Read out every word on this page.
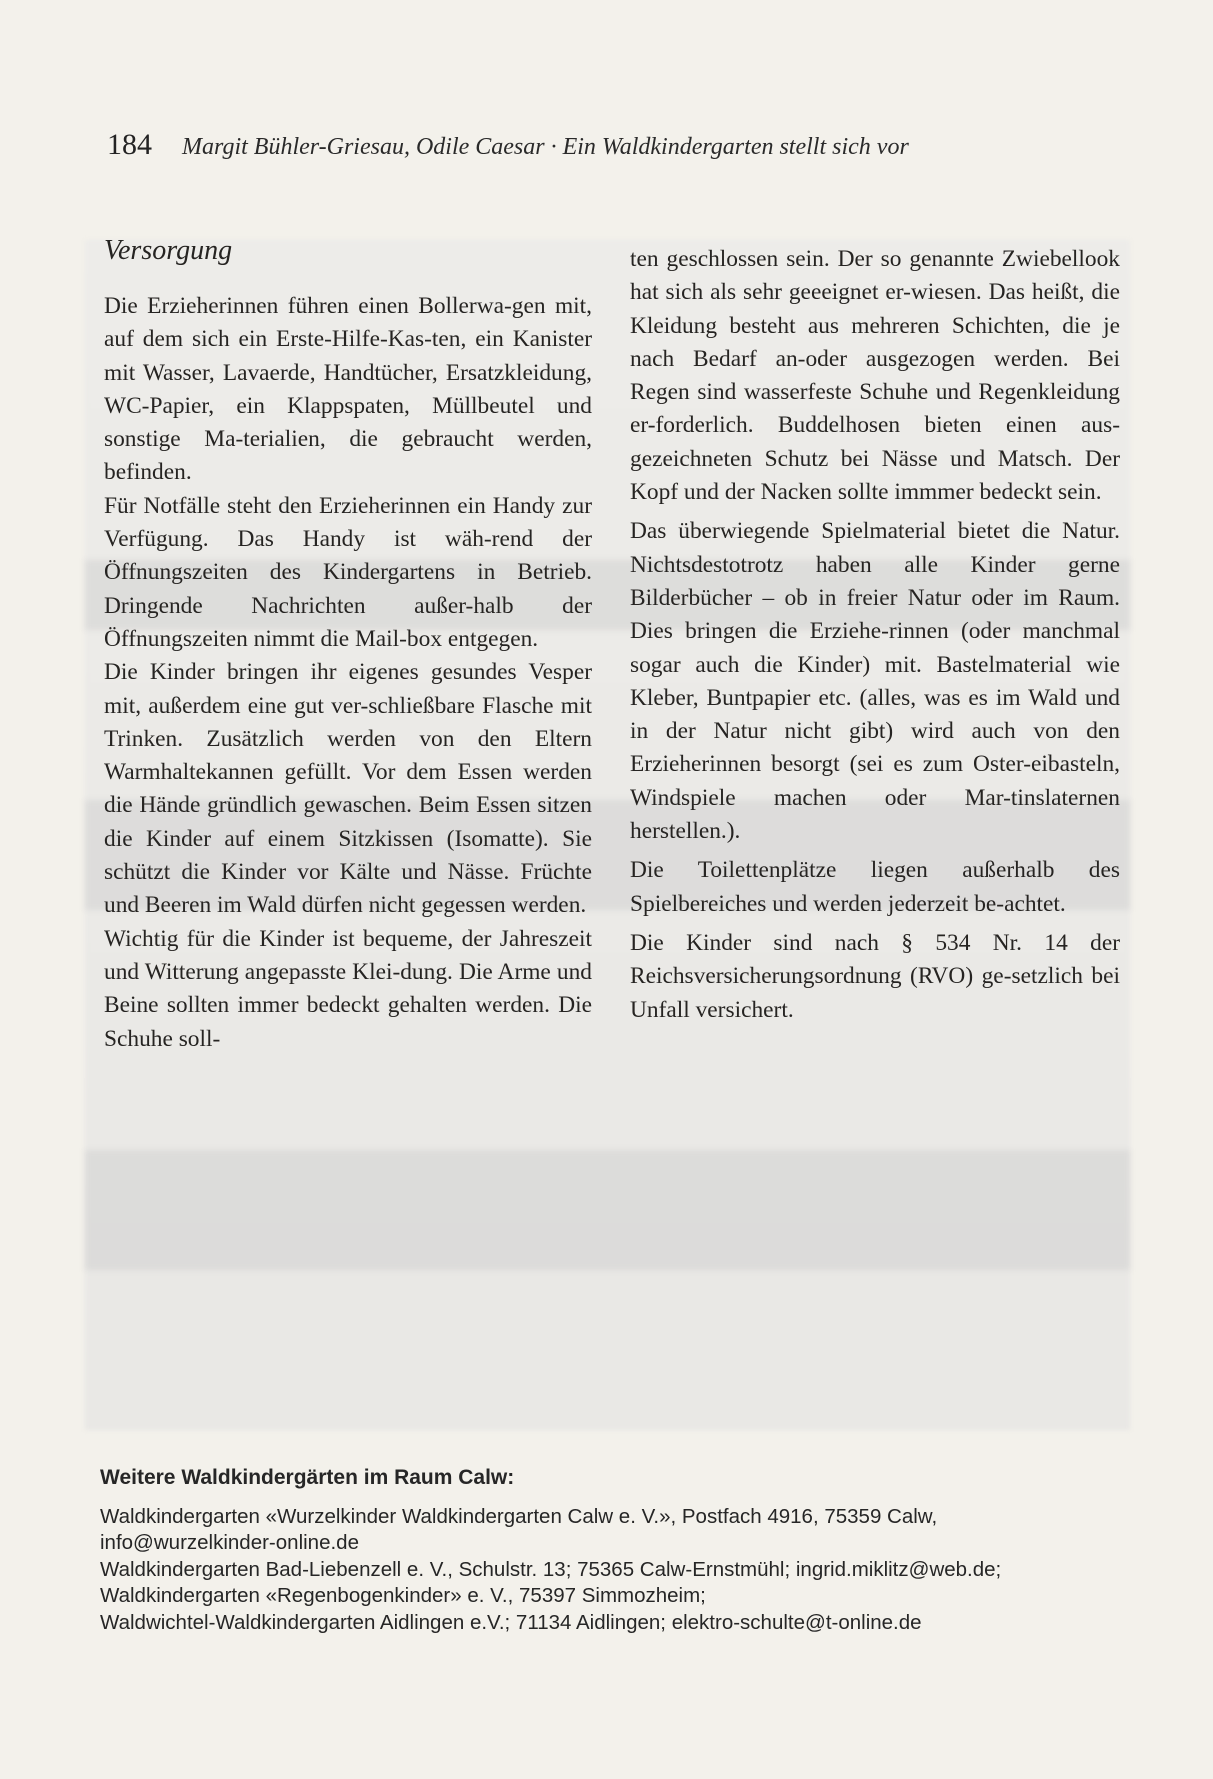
184 Margit Bühler-Griesau, Odile Caesar · Ein Waldkindergarten stellt sich vor
Versorgung

Die Erzieherinnen führen einen Bollerwa-gen mit, auf dem sich ein Erste-Hilfe-Kas-ten, ein Kanister mit Wasser, Lavaerde, Handtücher, Ersatzkleidung, WC-Papier, ein Klappspaten, Müllbeutel und sonstige Ma-terialien, die gebraucht werden, befinden.

Für Notfälle steht den Erzieherinnen ein Handy zur Verfügung. Das Handy ist wäh-rend der Öffnungszeiten des Kindergartens in Betrieb. Dringende Nachrichten außer-halb der Öffnungszeiten nimmt die Mail-box entgegen.

Die Kinder bringen ihr eigenes gesundes Vesper mit, außerdem eine gut ver-schließbare Flasche mit Trinken. Zusätzlich werden von den Eltern Warmhaltekannen gefüllt. Vor dem Essen werden die Hände gründlich gewaschen. Beim Essen sitzen die Kinder auf einem Sitzkissen (Isomatte). Sie schützt die Kinder vor Kälte und Nässe. Früchte und Beeren im Wald dürfen nicht gegessen werden.

Wichtig für die Kinder ist bequeme, der Jahreszeit und Witterung angepasste Klei-dung. Die Arme und Beine sollten immer bedeckt gehalten werden. Die Schuhe soll-

ten geschlossen sein. Der so genannte Zwiebellook hat sich als sehr geeeignet er-wiesen. Das heißt, die Kleidung besteht aus mehreren Schichten, die je nach Bedarf an-oder ausgezogen werden. Bei Regen sind wasserfeste Schuhe und Regenkleidung er-forderlich. Buddelhosen bieten einen aus-gezeichneten Schutz bei Nässe und Matsch. Der Kopf und der Nacken sollte immmer bedeckt sein.

Das überwiegende Spielmaterial bietet die Natur. Nichtsdestotrotz haben alle Kinder gerne Bilderbücher – ob in freier Natur oder im Raum. Dies bringen die Erziehe-rinnen (oder manchmal sogar auch die Kinder) mit. Bastelmaterial wie Kleber, Buntpapier etc. (alles, was es im Wald und in der Natur nicht gibt) wird auch von den Erzieherinnen besorgt (sei es zum Oster-eibasteln, Windspiele machen oder Mar-tinslaternen herstellen.).

Die Toilettenplätze liegen außerhalb des Spielbereiches und werden jederzeit be-achtet.

Die Kinder sind nach § 534 Nr. 14 der Reichsversicherungsordnung (RVO) ge-setzlich bei Unfall versichert.

Weitere Waldkindergärten im Raum Calw:

Waldkindergarten «Wurzelkinder Waldkindergarten Calw e. V.», Postfach 4916, 75359 Calw,

info@wurzelkinder-online.de

Waldkindergarten Bad-Liebenzell e. V., Schulstr. 13; 75365 Calw-Ernstmühl; ingrid.miklitz@web.de;

Waldkindergarten «Regenbogenkinder» e. V., 75397 Simmozheim;

Waldwichtel-Waldkindergarten Aidlingen e.V.; 71134 Aidlingen; elektro-schulte@t-online.de
